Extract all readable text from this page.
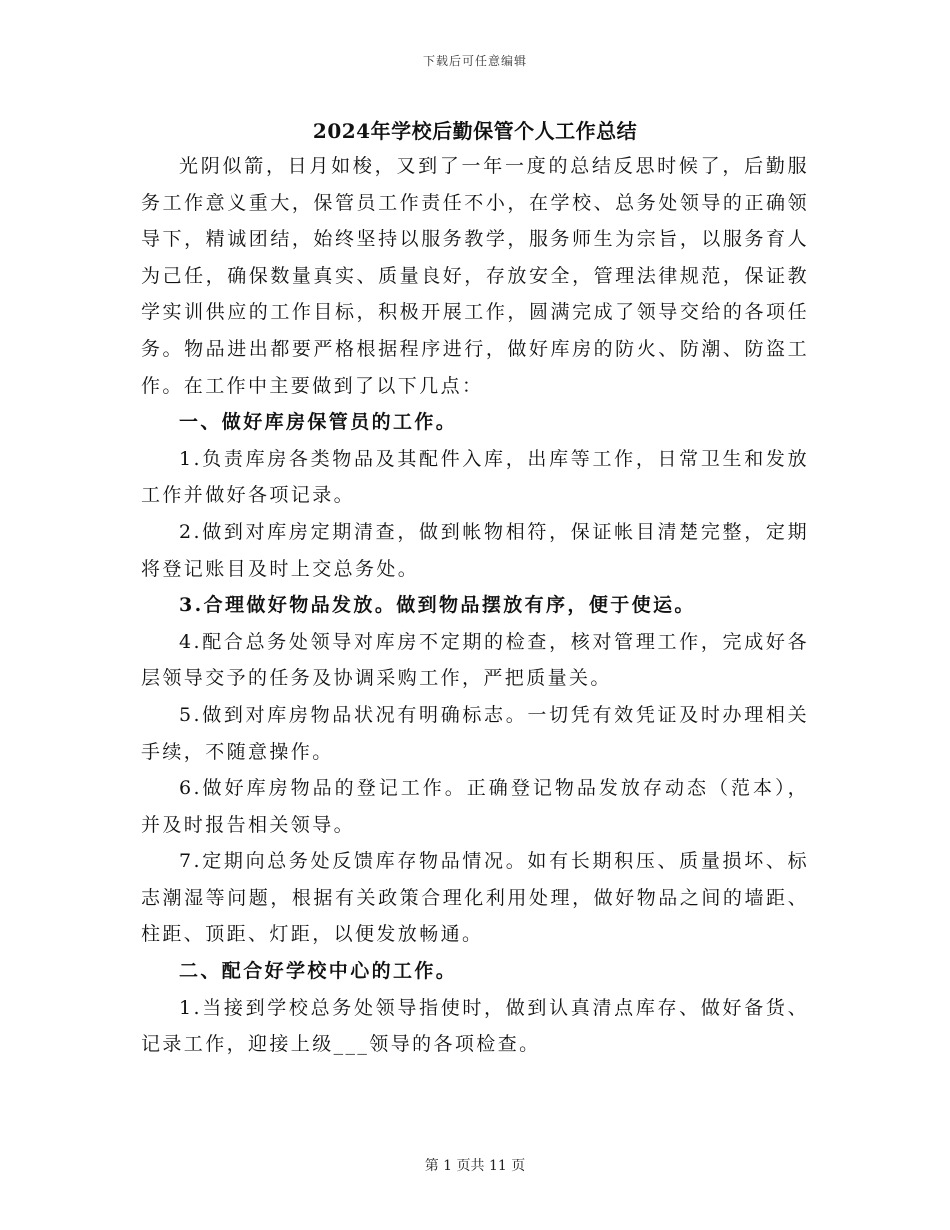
下载后可任意编辑
2024年学校后勤保管个人工作总结

光阴似箭，日月如梭，又到了一年一度的总结反思时候了，后勤服务工作意义重大，保管员工作责任不小，在学校、总务处领导的正确领导下，精诚团结，始终坚持以服务教学，服务师生为宗旨，以服务育人为己任，确保数量真实、质量良好，存放安全，管理法律规范，保证教学实训供应的工作目标，积极开展工作，圆满完成了领导交给的各项任务。物品进出都要严格根据程序进行，做好库房的防火、防潮、防盗工作。在工作中主要做到了以下几点：

一、做好库房保管员的工作。

1.负责库房各类物品及其配件入库，出库等工作，日常卫生和发放工作并做好各项记录。

2.做到对库房定期清查，做到帐物相符，保证帐目清楚完整，定期将登记账目及时上交总务处。

3.合理做好物品发放。做到物品摆放有序，便于使运。

4.配合总务处领导对库房不定期的检查，核对管理工作，完成好各层领导交予的任务及协调采购工作，严把质量关。

5.做到对库房物品状况有明确标志。一切凭有效凭证及时办理相关手续，不随意操作。

6.做好库房物品的登记工作。正确登记物品发放存动态（范本），并及时报告相关领导。

7.定期向总务处反馈库存物品情况。如有长期积压、质量损坏、标志潮湿等问题，根据有关政策合理化利用处理，做好物品之间的墙距、柱距、顶距、灯距，以便发放畅通。

二、配合好学校中心的工作。

1.当接到学校总务处领导指使时，做到认真清点库存、做好备货、记录工作，迎接上级___领导的各项检查。

第 1 页共 11 页
